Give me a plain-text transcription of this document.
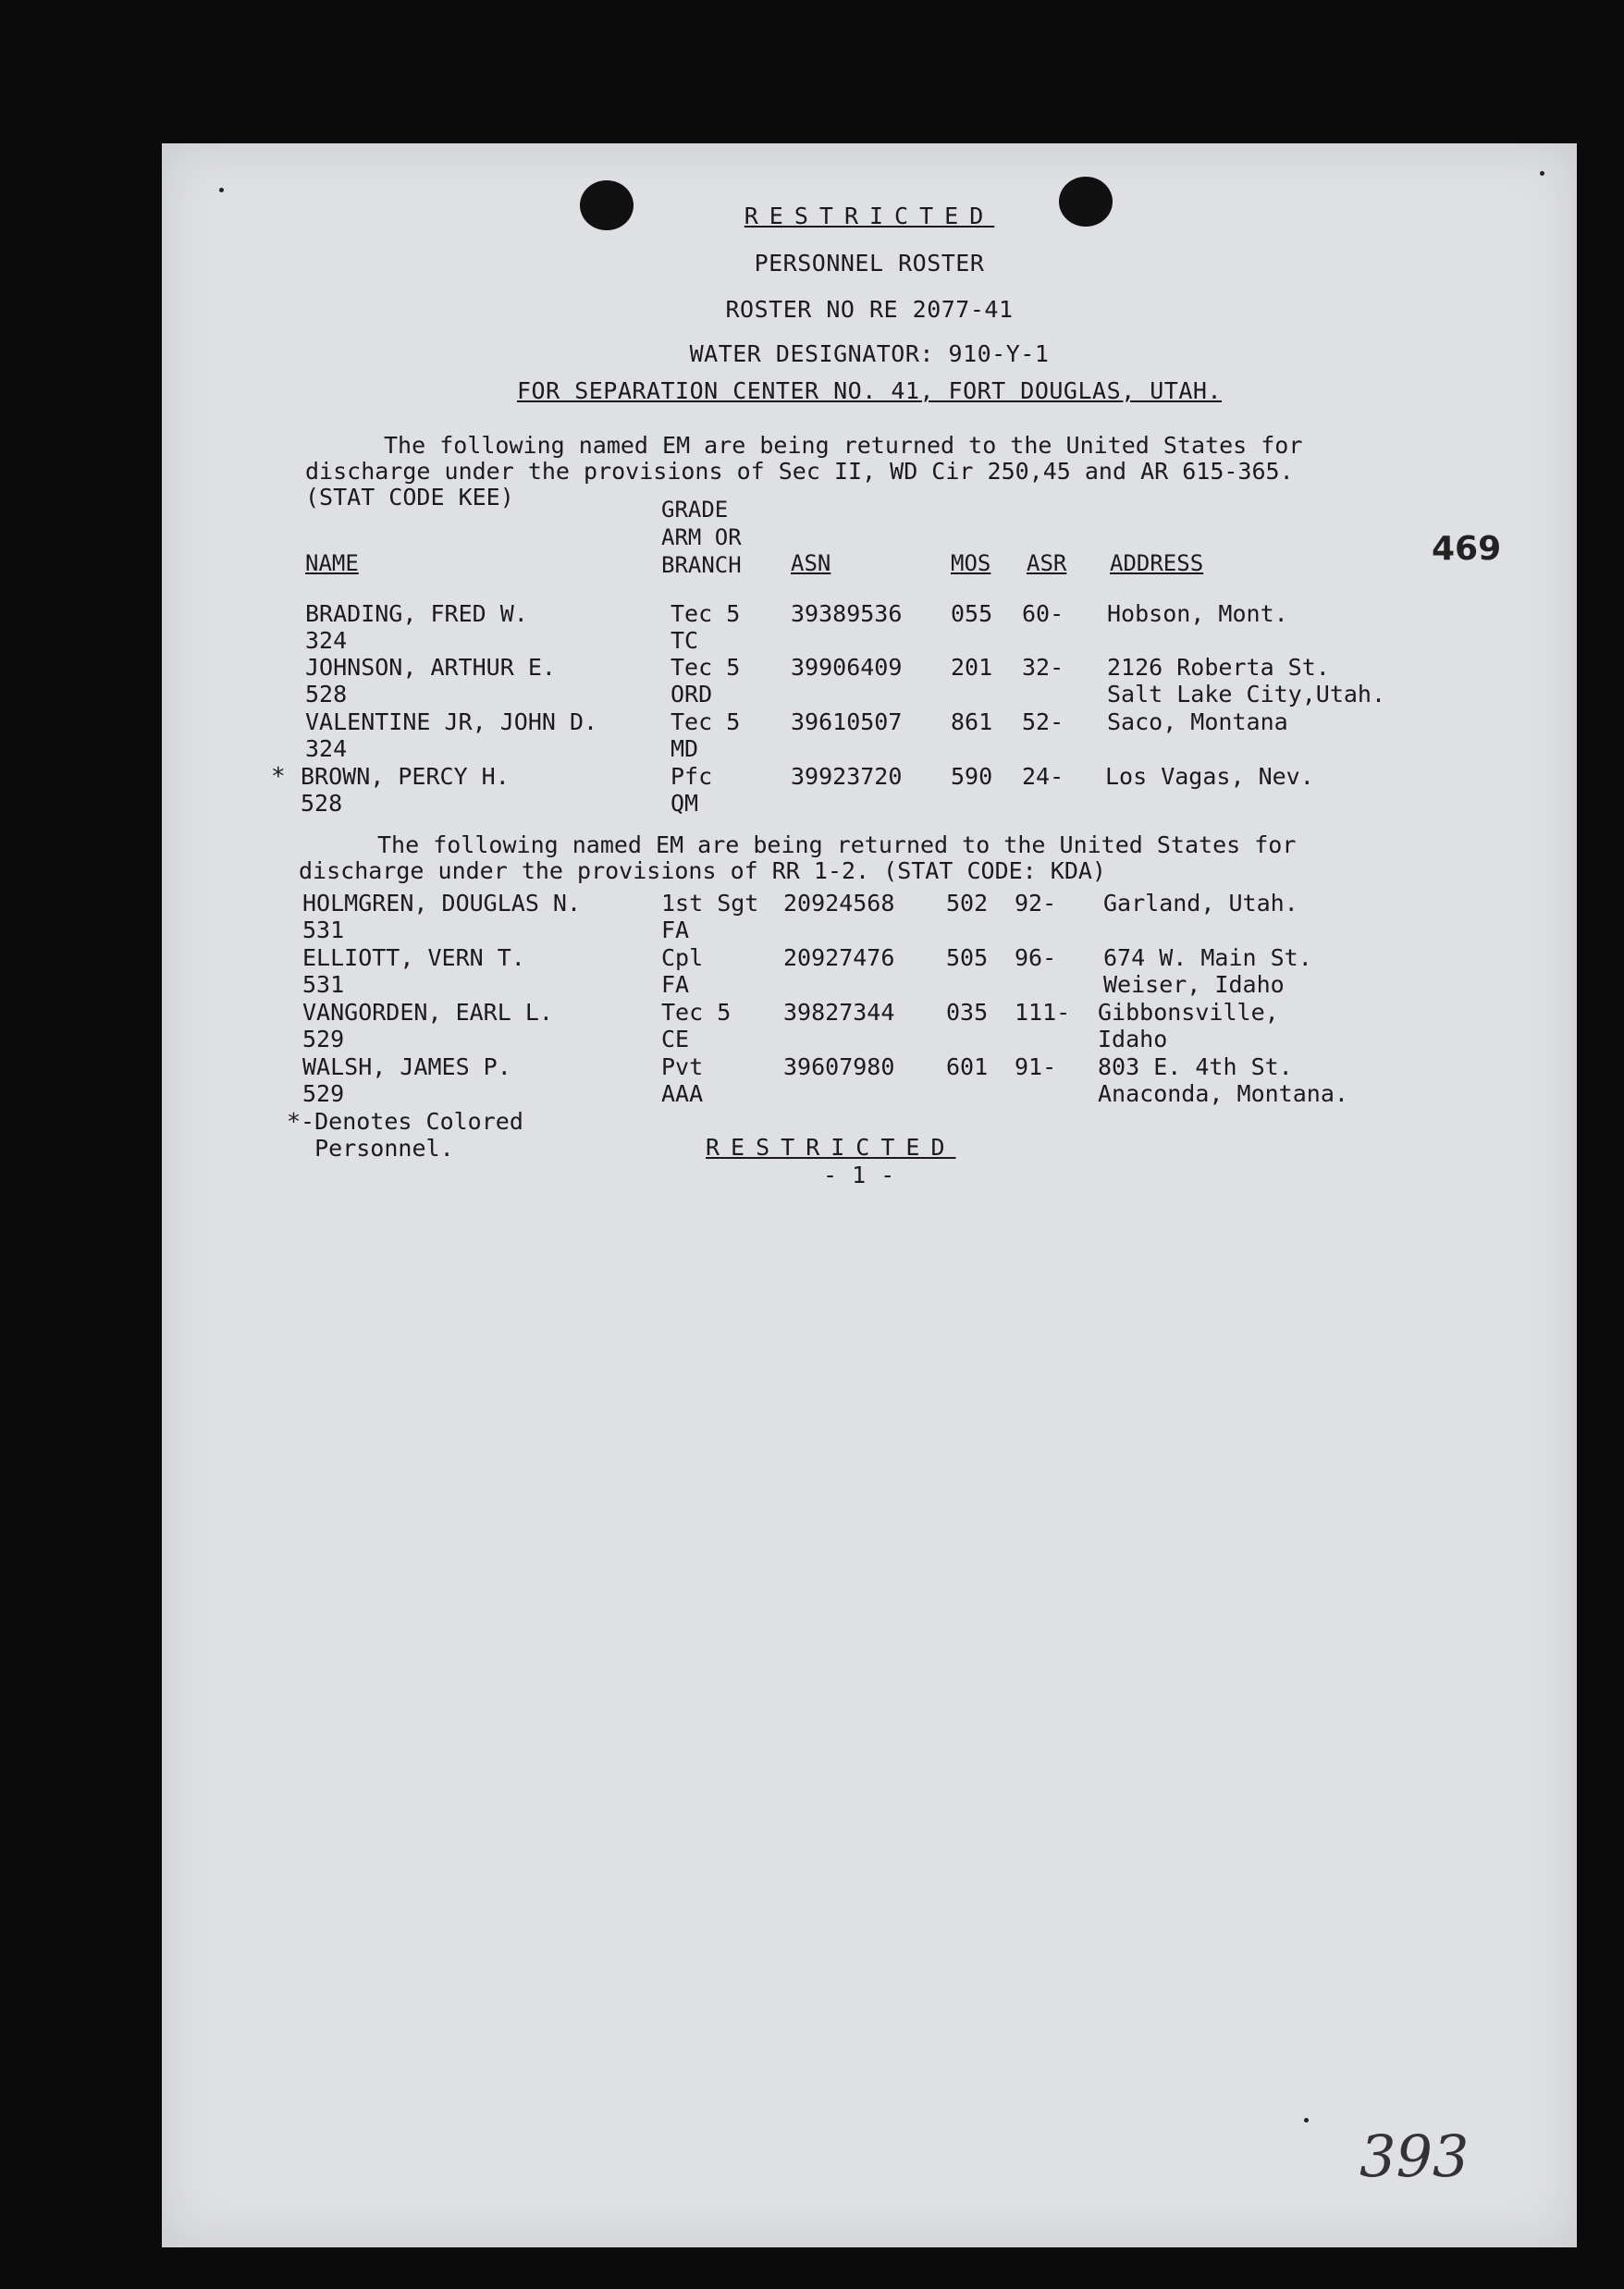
RESTRICTED
PERSONNEL ROSTER
ROSTER NO RE 2077-41
WATER DESIGNATOR: 910-Y-1
FOR SEPARATION CENTER NO. 41, FORT DOUGLAS, UTAH.
The following named EM are being returned to the United States for
discharge under the provisions of Sec II, WD Cir 250,45 and AR 615-365.
(STAT CODE KEE)
NAME
GRADE
ARM OR
BRANCH ASN	MOS ASR ADDRESS
BRADING, FRED W.
324
Tec 5
TC
39389536 055 60- Hobson, Mont.
JOHNSON, ARTHUR E.
528
Tec 5
ORD
39906409 201 32- 2126 Roberta St.
Salt Lake City,Utah.
VALENTINE JR, JOHN D.
324
Tec 5
MD
39610507 861 52- Saco, Montana
* BROWN, PERCY H.
528
Pfc
QM
39923720 590 24- Los Vagas, Nev.
The following named EM are being returned to the United States for
discharge under the provisions of RR 1-2. (STAT CODE: KDA)
HOLMGREN, DOUGLAS N.
531
1st Sgt
FA
20924568 502 92- Garland, Utah.
ELLIOTT, VERN T.
531
Cpl
FA
20927476 505 96- 674 W. Main St.
Weiser, Idaho
VANGORDEN, EARL L.
529
Tec 5
CE
39827344 035 111- Gibbonsville,
Idaho
WALSH, JAMES P.
529
Pvt
AAA
39607980 601 91- 803 E. 4th St.
Anaconda, Montana.
*-Denotes Colored
Personnel.	RESTRICTED
- 1 -
469
393
